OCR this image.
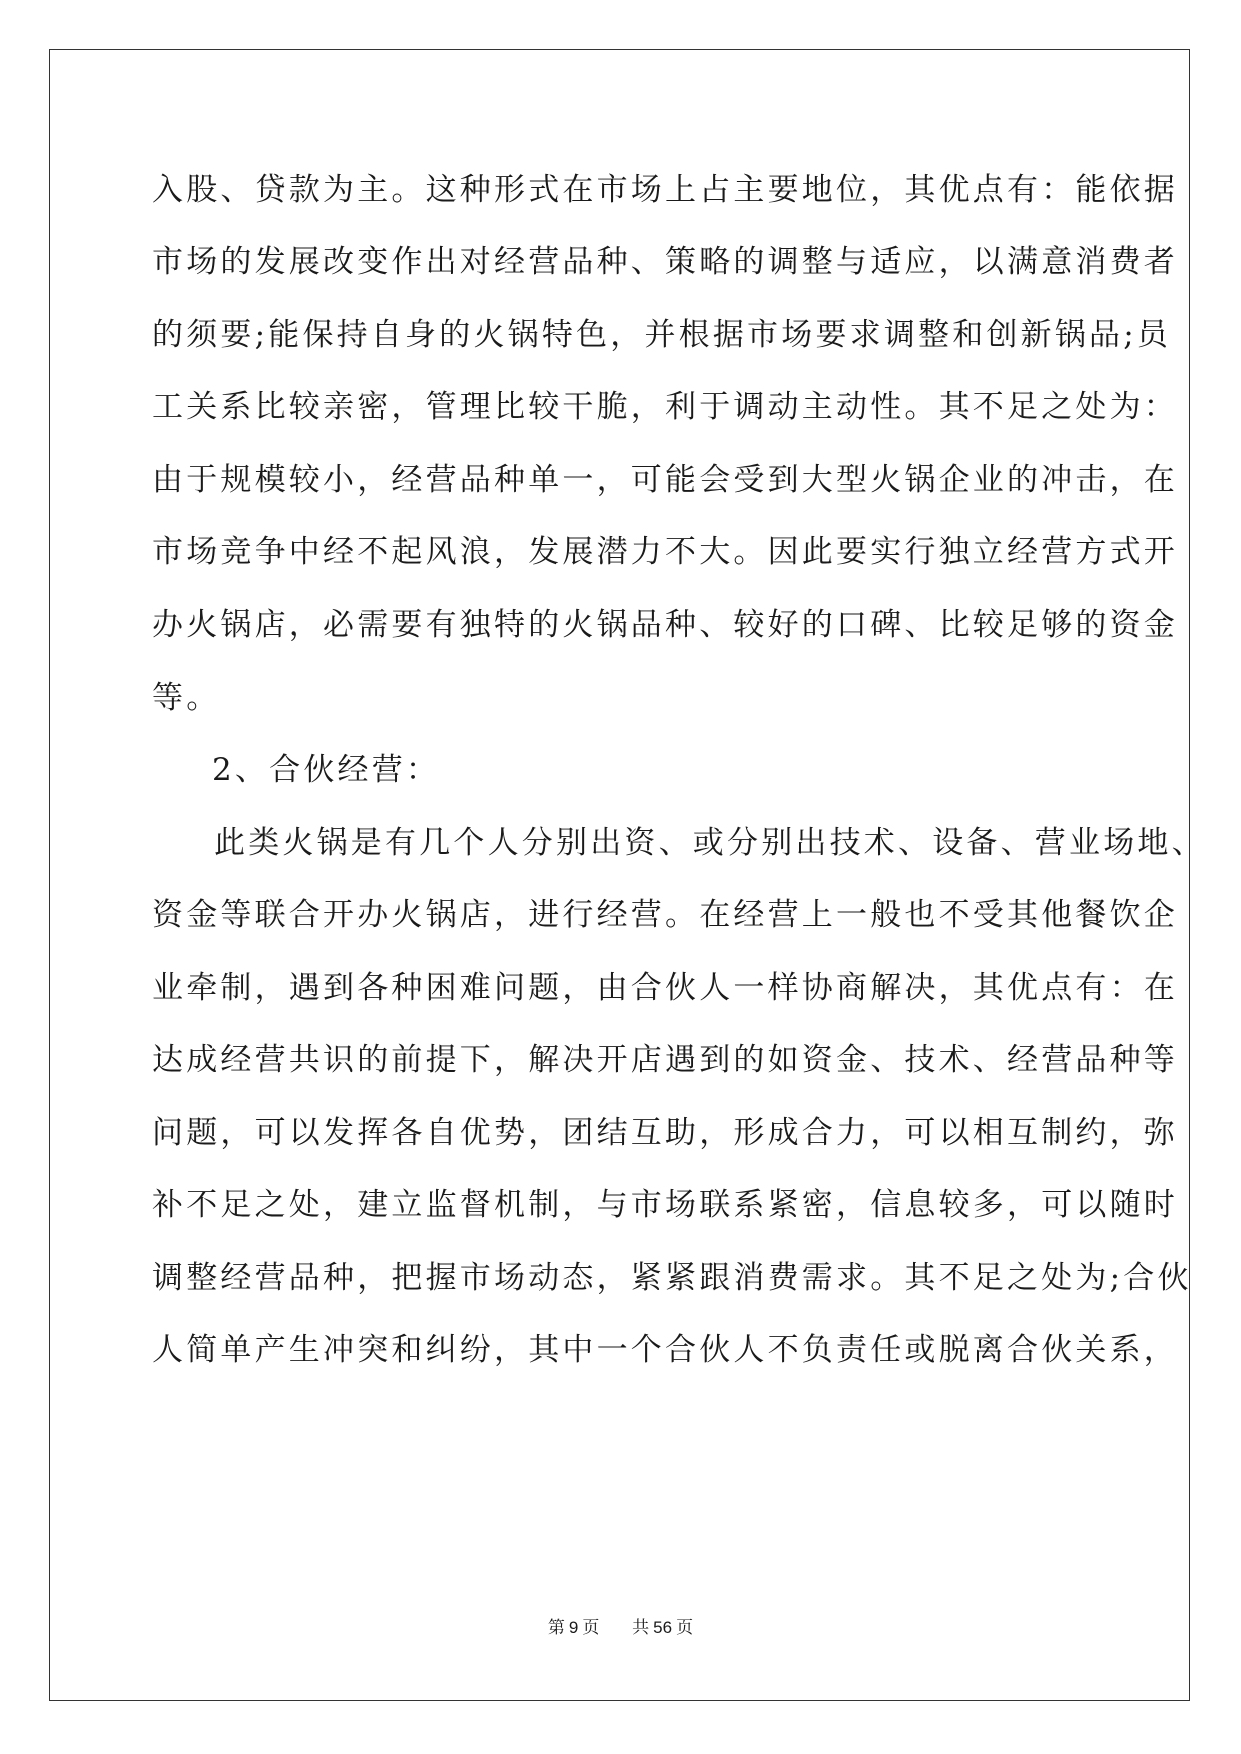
入股、贷款为主。这种形式在市场上占主要地位，其优点有：能依据
市场的发展改变作出对经营品种、策略的调整与适应，以满意消费者
的须要;能保持自身的火锅特色，并根据市场要求调整和创新锅品;员
工关系比较亲密，管理比较干脆，利于调动主动性。其不足之处为：
由于规模较小，经营品种单一，可能会受到大型火锅企业的冲击，在
市场竞争中经不起风浪，发展潜力不大。因此要实行独立经营方式开
办火锅店，必需要有独特的火锅品种、较好的口碑、比较足够的资金
等。
2、合伙经营：
此类火锅是有几个人分别出资、或分别出技术、设备、营业场地、
资金等联合开办火锅店，进行经营。在经营上一般也不受其他餐饮企
业牵制，遇到各种困难问题，由合伙人一样协商解决，其优点有：在
达成经营共识的前提下，解决开店遇到的如资金、技术、经营品种等
问题，可以发挥各自优势，团结互助，形成合力，可以相互制约，弥
补不足之处，建立监督机制，与市场联系紧密，信息较多，可以随时
调整经营品种，把握市场动态，紧紧跟消费需求。其不足之处为;合伙
人简单产生冲突和纠纷，其中一个合伙人不负责任或脱离合伙关系，
第 9 页 共 56 页
